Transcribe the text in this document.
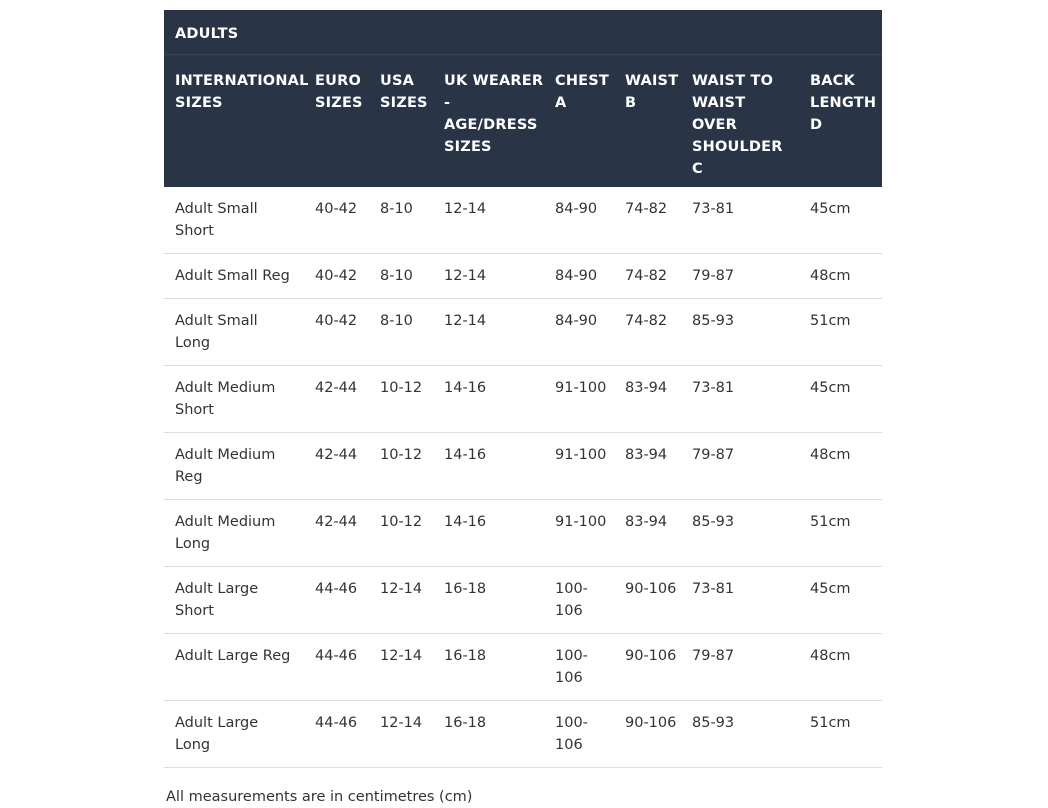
ADULTS							
INTERNATIONAL SIZES	EURO SIZES	USA SIZES	UK WEARER - AGE/DRESS SIZES	CHEST A	WAIST B	WAIST TO WAIST OVER SHOULDER C	BACK LENGTH D
Adult Small Short	40-42	8-10	12-14	84-90	74-82	73-81	45cm
Adult Small Reg	40-42	8-10	12-14	84-90	74-82	79-87	48cm
Adult Small Long	40-42	8-10	12-14	84-90	74-82	85-93	51cm
Adult Medium Short	42-44	10-12	14-16	91-100	83-94	73-81	45cm
Adult Medium Reg	42-44	10-12	14-16	91-100	83-94	79-87	48cm
Adult Medium Long	42-44	10-12	14-16	91-100	83-94	85-93	51cm
Adult Large Short	44-46	12-14	16-18	100-106	90-106	73-81	45cm
Adult Large Reg	44-46	12-14	16-18	100-106	90-106	79-87	48cm
Adult Large Long	44-46	12-14	16-18	100-106	90-106	85-93	51cm

All measurements are in centimetres (cm)
